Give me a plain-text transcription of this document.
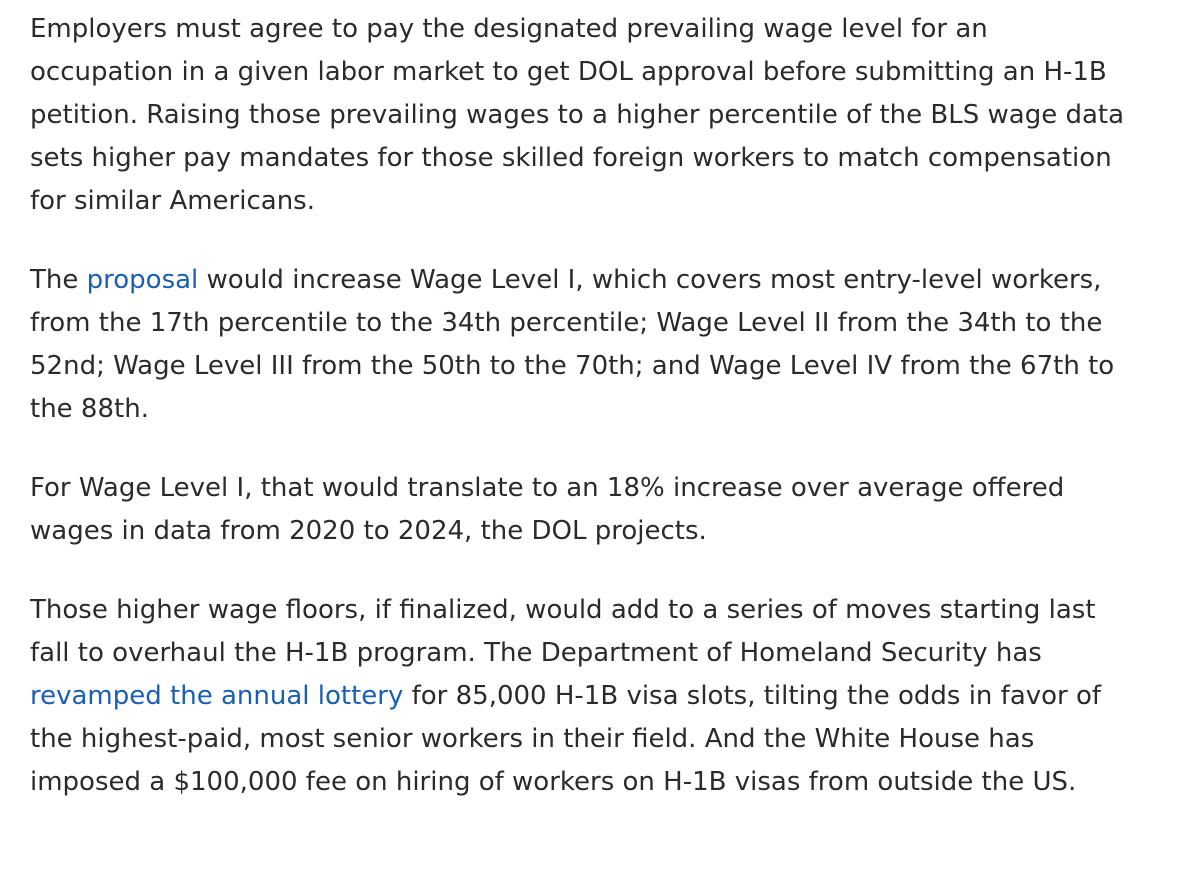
Employers must agree to pay the designated prevailing wage level for an occupation in a given labor market to get DOL approval before submitting an H-1B petition. Raising those prevailing wages to a higher percentile of the BLS wage data sets higher pay mandates for those skilled foreign workers to match compensation for similar Americans.

The proposal would increase Wage Level I, which covers most entry-level workers, from the 17th percentile to the 34th percentile; Wage Level II from the 34th to the 52nd; Wage Level III from the 50th to the 70th; and Wage Level IV from the 67th to the 88th.

For Wage Level I, that would translate to an 18% increase over average offered wages in data from 2020 to 2024, the DOL projects.

Those higher wage floors, if finalized, would add to a series of moves starting last fall to overhaul the H-1B program. The Department of Homeland Security has revamped the annual lottery for 85,000 H-1B visa slots, tilting the odds in favor of the highest-paid, most senior workers in their field. And the White House has imposed a $100,000 fee on hiring of workers on H-1B visas from outside the US.
